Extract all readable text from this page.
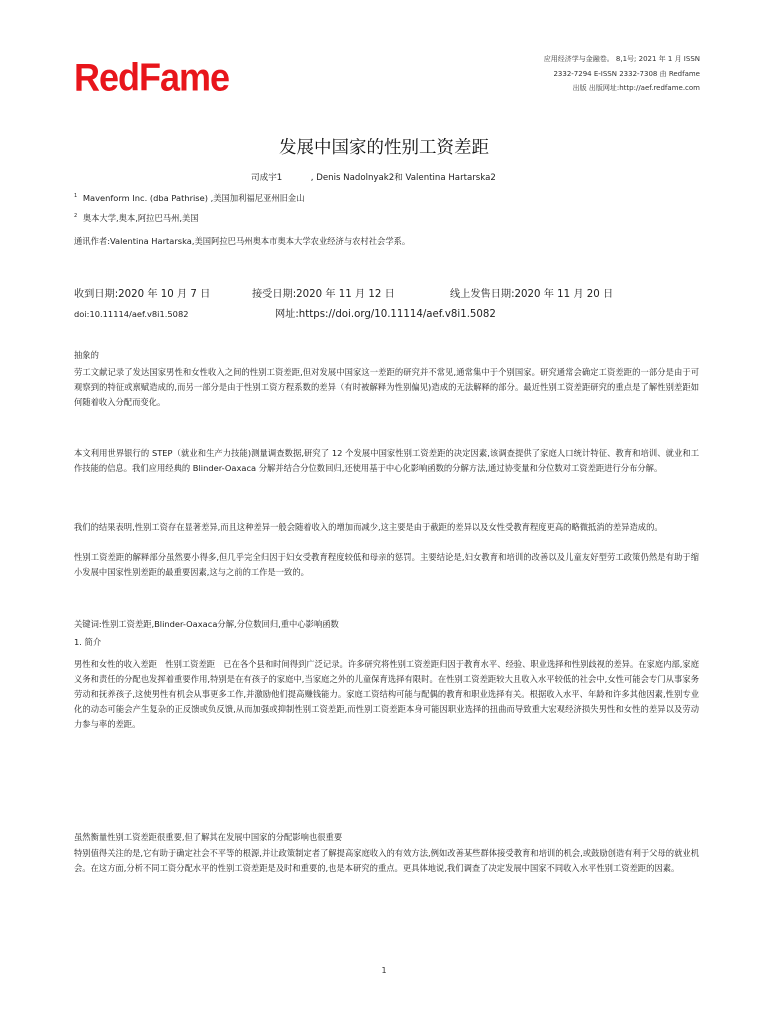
RedFame	应用经济学与金融卷。 8,1号; 2021 年 1 月 ISSN
2332-7294 E-ISSN 2332-7308 由 Redfame
出版 出版网址:http://aef.redfame.com
发展中国家的性别工资差距
司成宇1 　　　, Denis Nadolnyak2和 Valentina Hartarska2
$^1$ Mavenform Inc. (dba Pathrise) ,美国加利福尼亚州旧金山
$^2$ 奥本大学,奥本,阿拉巴马州,美国
通讯作者:Valentina Hartarska,美国阿拉巴马州奥本市奥本大学农业经济与农村社会学系。
收到日期:2020 年 10 月 7 日	接受日期:2020 年 11 月 12 日	线上发售日期:2020 年 11 月 20 日
doi:10.11114/aef.v8i1.5082	网址:https://doi.org/10.11114/aef.v8i1.5082
抽象的

劳工文献记录了发达国家男性和女性收入之间的性别工资差距,但对发展中国家这一差距的研究并不常见,通常集中于个别国家。研究通常会确定工资差距的一部分是由于可观察到的特征或禀赋造成的,而另一部分是由于性别工资方程系数的差异（有时被解释为性别偏见)造成的无法解释的部分。最近性别工资差距研究的重点是了解性别差距如何随着收入分配而变化。

本文利用世界银行的 STEP（就业和生产力技能)测量调查数据,研究了 12 个发展中国家性别工资差距的决定因素,该调查提供了家庭人口统计特征、教育和培训、就业和工作技能的信息。我们应用经典的 Blinder-Oaxaca 分解并结合分位数回归,还使用基于中心化影响函数的分解方法,通过协变量和分位数对工资差距进行分布分解。

我们的结果表明,性别工资存在显著差异,而且这种差异一般会随着收入的增加而减少,这主要是由于截距的差异以及女性受教育程度更高的略微抵消的差异造成的。

性别工资差距的解释部分虽然要小得多,但几乎完全归因于妇女受教育程度较低和母亲的惩罚。主要结论是,妇女教育和培训的改善以及儿童友好型劳工政策仍然是有助于缩小发展中国家性别差距的最重要因素,这与之前的工作是一致的。

关键词:性别工资差距,Blinder-Oaxaca分解,分位数回归,重中心影响函数
1. 简介

男性和女性的收入差距　性别工资差距　已在各个县和时间得到广泛记录。许多研究将性别工资差距归因于教育水平、经验、职业选择和性别歧视的差异。在家庭内部,家庭义务和责任的分配也发挥着重要作用,特别是在有孩子的家庭中,当家庭之外的儿童保育选择有限时。在性别工资差距较大且收入水平较低的社会中,女性可能会专门从事家务劳动和抚养孩子,这使男性有机会从事更多工作,并激励他们提高赚钱能力。家庭工资结构可能与配偶的教育和职业选择有关。根据收入水平、年龄和许多其他因素,性别专业化的动态可能会产生复杂的正反馈或负反馈,从而加强或抑制性别工资差距,而性别工资差距本身可能因职业选择的扭曲而导致重大宏观经济损失男性和女性的差异以及劳动力参与率的差距。

虽然衡量性别工资差距很重要,但了解其在发展中国家的分配影响也很重要

特别值得关注的是,它有助于确定社会不平等的根源,并让政策制定者了解提高家庭收入的有效方法,例如改善某些群体接受教育和培训的机会,或鼓励创造有利于父母的就业机会。在这方面,分析不同工资分配水平的性别工资差距是及时和重要的,也是本研究的重点。更具体地说,我们调查了决定发展中国家不同收入水平性别工资差距的因素。

1
